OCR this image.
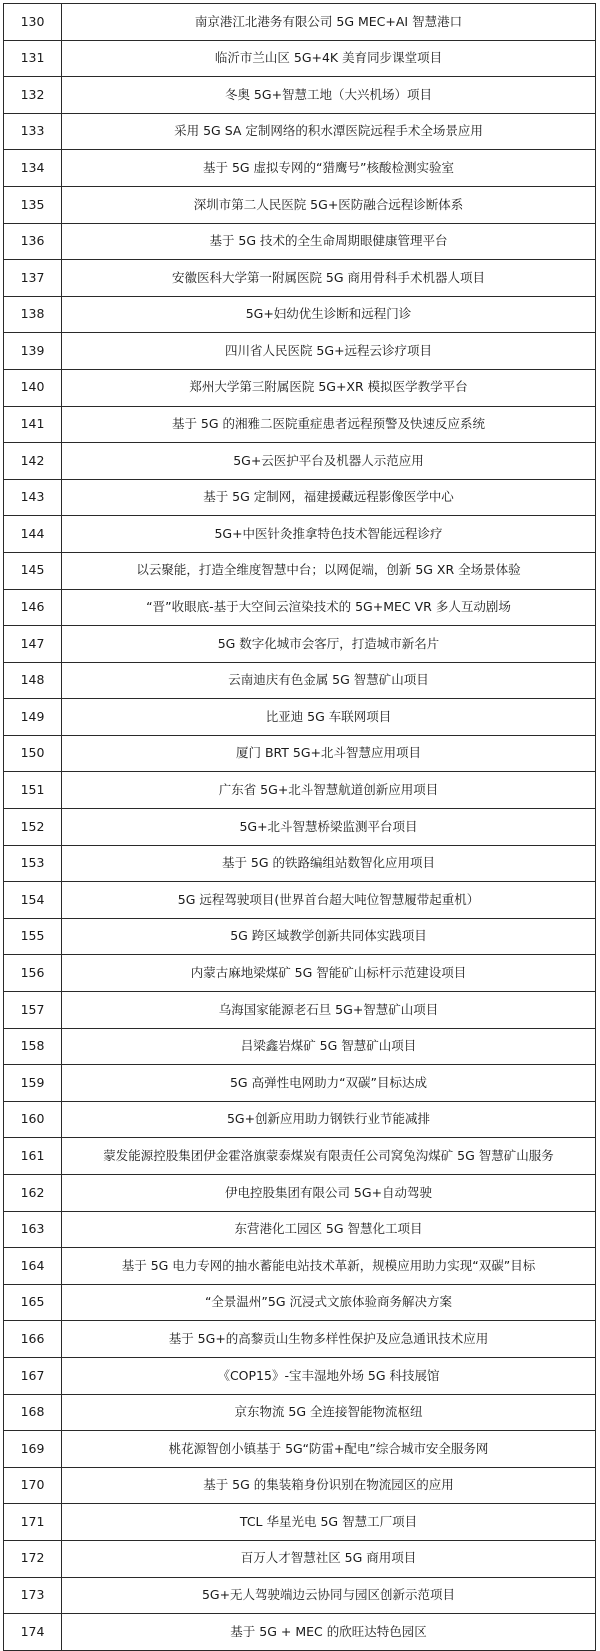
130	南京港江北港务有限公司 5G MEC+AI 智慧港口
131	临沂市兰山区 5G+4K 美育同步课堂项目
132	冬奥 5G+智慧工地（大兴机场）项目
133	采用 5G SA 定制网络的积水潭医院远程手术全场景应用
134	基于 5G 虚拟专网的“猎鹰号”核酸检测实验室
135	深圳市第二人民医院 5G+医防融合远程诊断体系
136	基于 5G 技术的全生命周期眼健康管理平台
137	安徽医科大学第一附属医院 5G 商用骨科手术机器人项目
138	5G+妇幼优生诊断和远程门诊
139	四川省人民医院 5G+远程云诊疗项目
140	郑州大学第三附属医院 5G+XR 模拟医学教学平台
141	基于 5G 的湘雅二医院重症患者远程预警及快速反应系统
142	5G+云医护平台及机器人示范应用
143	基于 5G 定制网，福建援藏远程影像医学中心
144	5G+中医针灸推拿特色技术智能远程诊疗
145	以云聚能，打造全维度智慧中台；以网促端，创新 5G XR 全场景体验
146	“晋”收眼底-基于大空间云渲染技术的 5G+MEC VR 多人互动剧场
147	5G 数字化城市会客厅，打造城市新名片
148	云南迪庆有色金属 5G 智慧矿山项目
149	比亚迪 5G 车联网项目
150	厦门 BRT 5G+北斗智慧应用项目
151	广东省 5G+北斗智慧航道创新应用项目
152	5G+北斗智慧桥梁监测平台项目
153	基于 5G 的铁路编组站数智化应用项目
154	5G 远程驾驶项目(世界首台超大吨位智慧履带起重机）
155	5G 跨区域教学创新共同体实践项目
156	内蒙古麻地梁煤矿 5G 智能矿山标杆示范建设项目
157	乌海国家能源老石旦 5G+智慧矿山项目
158	吕梁鑫岩煤矿 5G 智慧矿山项目
159	5G 高弹性电网助力“双碳”目标达成
160	5G+创新应用助力钢铁行业节能减排
161	蒙发能源控股集团伊金霍洛旗蒙泰煤炭有限责任公司窝兔沟煤矿 5G 智慧矿山服务
162	伊电控股集团有限公司 5G+自动驾驶
163	东营港化工园区 5G 智慧化工项目
164	基于 5G 电力专网的抽水蓄能电站技术革新，规模应用助力实现“双碳”目标
165	“全景温州”5G 沉浸式文旅体验商务解决方案
166	基于 5G+的高黎贡山生物多样性保护及应急通讯技术应用
167	《COP15》-宝丰湿地外场 5G 科技展馆
168	京东物流 5G 全连接智能物流枢纽
169	桃花源智创小镇基于 5G“防雷+配电”综合城市安全服务网
170	基于 5G 的集装箱身份识别在物流园区的应用
171	TCL 华星光电 5G 智慧工厂项目
172	百万人才智慧社区 5G 商用项目
173	5G+无人驾驶端边云协同与园区创新示范项目
174	基于 5G + MEC 的欣旺达特色园区
